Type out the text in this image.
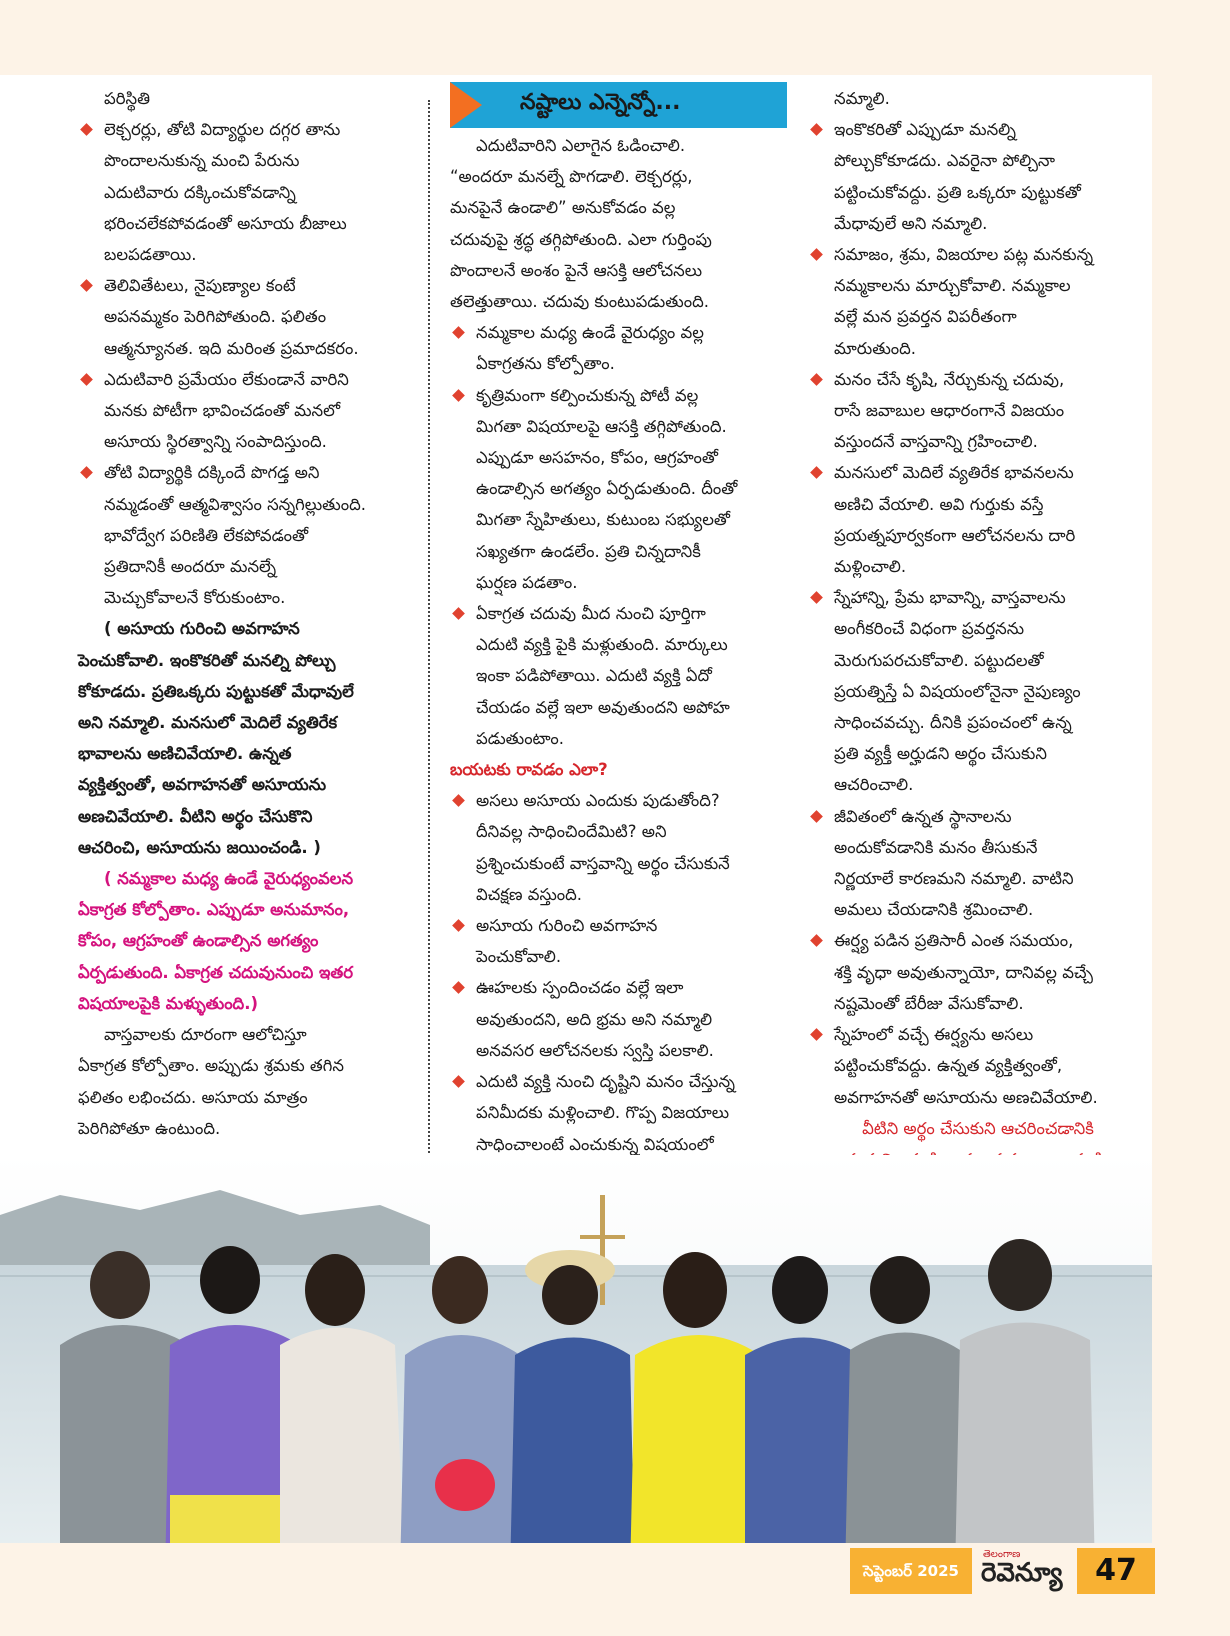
పరిస్థితి

లెక్చరర్లు, తోటి విద్యార్థుల దగ్గర తాను

పొందాలనుకున్న మంచి పేరును

ఎదుటివారు దక్కించుకోవడాన్ని

భరించలేకపోవడంతో అసూయ బీజాలు

బలపడతాయి.

తెలివితేటలు, నైపుణ్యాల కంటే

అపనమ్మకం పెరిగిపోతుంది. ఫలితం

ఆత్మన్యూనత. ఇది మరింత ప్రమాదకరం.

ఎదుటివారి ప్రమేయం లేకుండానే వారిని

మనకు పోటీగా భావించడంతో మనలో

అసూయ స్థిరత్వాన్ని సంపాదిస్తుంది.

తోటి విద్యార్థికి దక్కిందే పొగడ్త అని

నమ్మడంతో ఆత్మవిశ్వాసం సన్నగిల్లుతుంది.

భావోద్వేగ పరిణితి లేకపోవడంతో

ప్రతిదానికీ అందరూ మనల్నే

మెచ్చుకోవాలనే కోరుకుంటాం.

( అసూయ గురించి అవగాహన

పెంచుకోవాలి. ఇంకొకరితో మనల్ని పోల్చు

కోకూడదు. ప్రతిఒక్కరు పుట్టుకతో మేధావులే

అని నమ్మాలి. మనసులో మెదిలే వ్యతిరేక

భావాలను అణిచివేయాలి. ఉన్నత

వ్యక్తిత్వంతో, అవగాహనతో అసూయను

అణచివేయాలి. వీటిని అర్థం చేసుకొని

ఆచరించి, అసూయను జయించండి. )

( నమ్మకాల మధ్య ఉండే వైరుధ్యంవలన

ఏకాగ్రత కోల్పోతాం. ఎప్పుడూ అనుమానం,

కోపం, ఆగ్రహంతో ఉండాల్సిన అగత్యం

ఏర్పడుతుంది. ఏకాగ్రత చదువునుంచి ఇతర

విషయాలపైకి మళ్ళుతుంది.)

వాస్తవాలకు దూరంగా ఆలోచిస్తూ

ఏకాగ్రత కోల్పోతాం. అప్పుడు శ్రమకు తగిన

ఫలితం లభించదు. అసూయ మాత్రం

పెరిగిపోతూ ఉంటుంది.

ఎదుటివారిని ఎలాగైన ఓడించాలి.

“అందరూ మనల్నే పొగడాలి. లెక్చరర్లు,

మనపైనే ఉండాలి” అనుకోవడం వల్ల

చదువుపై శ్రద్ధ తగ్గిపోతుంది. ఎలా గుర్తింపు

పొందాలనే అంశం పైనే ఆసక్తి ఆలోచనలు

తలెత్తుతాయి. చదువు కుంటుపడుతుంది.

నమ్మకాల మధ్య ఉండే వైరుధ్యం వల్ల

ఏకాగ్రతను కోల్పోతాం.

కృత్రిమంగా కల్పించుకున్న పోటీ వల్ల

మిగతా విషయాలపై ఆసక్తి తగ్గిపోతుంది.

ఎప్పుడూ అసహనం, కోపం, ఆగ్రహంతో

ఉండాల్సిన అగత్యం ఏర్పడుతుంది. దీంతో

మిగతా స్నేహితులు, కుటుంబ సభ్యులతో

సఖ్యతగా ఉండలేం. ప్రతి చిన్నదానికీ

ఘర్షణ పడతాం.

ఏకాగ్రత చదువు మీద నుంచి పూర్తిగా

ఎదుటి వ్యక్తి పైకి మళ్లుతుంది. మార్కులు

ఇంకా పడిపోతాయి. ఎదుటి వ్యక్తి ఏదో

చేయడం వల్లే ఇలా అవుతుందని అపోహ

పడుతుంటాం.

బయటకు రావడం ఎలా?

అసలు అసూయ ఎందుకు పుడుతోంది?

దీనివల్ల సాధించిందేమిటి? అని

ప్రశ్నించుకుంటే వాస్తవాన్ని అర్థం చేసుకునే

విచక్షణ వస్తుంది.

అసూయ గురించి అవగాహన

పెంచుకోవాలి.

ఊహలకు స్పందించడం వల్లే ఇలా

అవుతుందని, అది భ్రమ అని నమ్మాలి

అనవసర ఆలోచనలకు స్వస్తి పలకాలి.

ఎదుటి వ్యక్తి నుంచి దృష్టిని మనం చేస్తున్న

పనిమీదకు మళ్లించాలి. గొప్ప విజయాలు

సాధించాలంటే ఎంచుకున్న విషయంలో

నమ్మాలి.

ఇంకొకరితో ఎప్పుడూ మనల్ని

పోల్చుకోకూడదు. ఎవరైనా పోల్చినా

పట్టించుకోవద్దు. ప్రతి ఒక్కరూ పుట్టుకతో

మేధావులే అని నమ్మాలి.

సమాజం, శ్రమ, విజయాల పట్ల మనకున్న

నమ్మకాలను మార్చుకోవాలి. నమ్మకాల

వల్లే మన ప్రవర్తన విపరీతంగా

మారుతుంది.

మనం చేసే కృషి, నేర్చుకున్న చదువు,

రాసే జవాబుల ఆధారంగానే విజయం

వస్తుందనే వాస్తవాన్ని గ్రహించాలి.

మనసులో మెదిలే వ్యతిరేక భావనలను

అణిచి వేయాలి. అవి గుర్తుకు వస్తే

ప్రయత్నపూర్వకంగా ఆలోచనలను దారి

మళ్లించాలి.

స్నేహాన్ని, ప్రేమ భావాన్ని, వాస్తవాలను

అంగీకరించే విధంగా ప్రవర్తనను

మెరుగుపరచుకోవాలి. పట్టుదలతో

ప్రయత్నిస్తే ఏ విషయంలోనైనా నైపుణ్యం

సాధించవచ్చు. దీనికి ప్రపంచంలో ఉన్న

ప్రతి వ్యక్తీ అర్హుడని అర్థం చేసుకుని

ఆచరించాలి.

జీవితంలో ఉన్నత స్థానాలను

అందుకోవడానికి మనం తీసుకునే

నిర్ణయాలే కారణమని నమ్మాలి. వాటిని

అమలు చేయడానికి శ్రమించాలి.

ఈర్ష్య పడిన ప్రతిసారీ ఎంత సమయం,

శక్తి వృధా అవుతున్నాయో, దానివల్ల వచ్చే

నష్టమెంతో బేరీజు వేసుకోవాలి.

స్నేహంలో వచ్చే ఈర్ష్యను అసలు

పట్టించుకోవద్దు. ఉన్నత వ్యక్తిత్వంతో,

అవగాహనతో అసూయను అణచివేయాలి.

వీటిని అర్థం చేసుకుని ఆచరించడానికి

నష్టాలు ఎన్నెన్నో...
సెప్టెంబర్ 2025
తెలంగాణ
రెవెన్యూ	47
